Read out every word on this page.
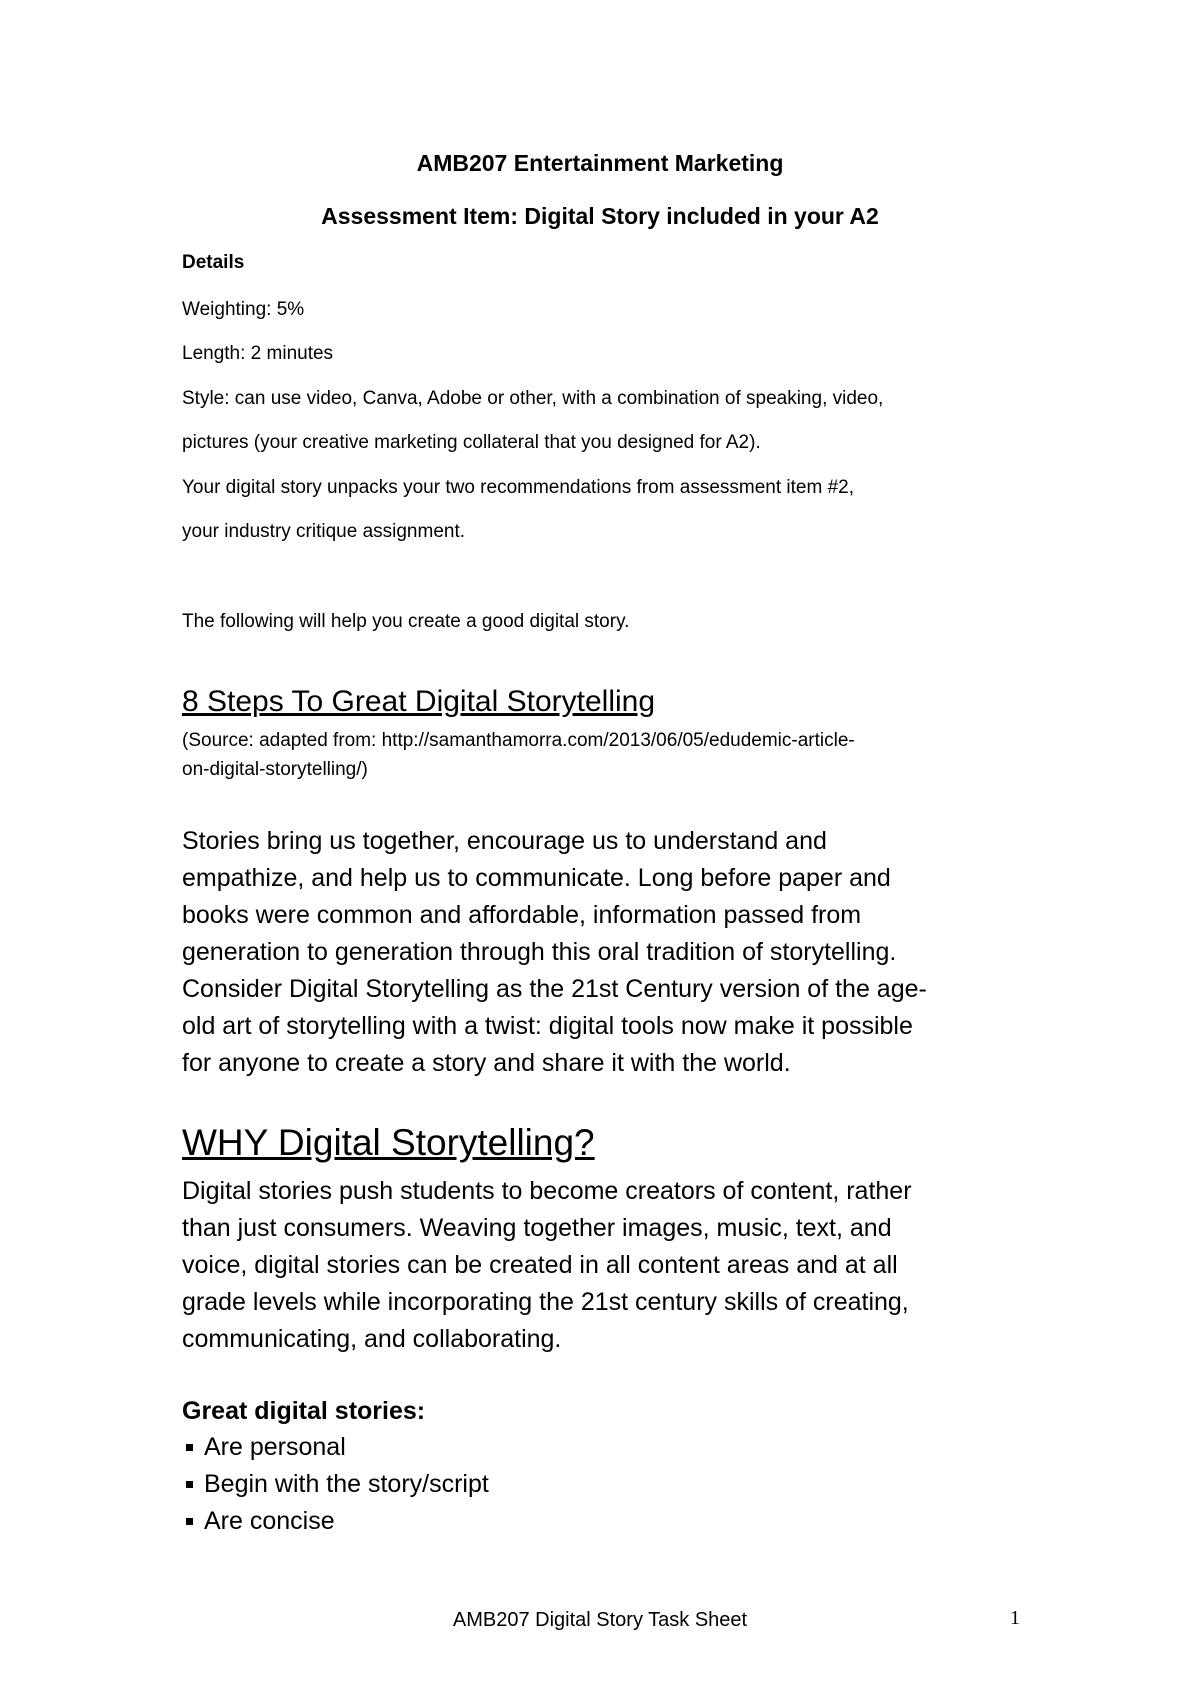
AMB207 Entertainment Marketing

Assessment Item: Digital Story included in your A2

Details

Weighting: 5%

Length: 2 minutes

Style: can use video, Canva, Adobe or other, with a combination of speaking, video,

pictures (your creative marketing collateral that you designed for A2).

Your digital story unpacks your two recommendations from assessment item #2,

your industry critique assignment.

The following will help you create a good digital story.

8 Steps To Great Digital Storytelling

(Source: adapted from: http://samanthamorra.com/2013/06/05/edudemic-article-

on-digital-storytelling/)

Stories bring us together, encourage us to understand and
empathize, and help us to communicate. Long before paper and
books were common and affordable, information passed from
generation to generation through this oral tradition of storytelling.
Consider Digital Storytelling as the 21st Century version of the age-
old art of storytelling with a twist: digital tools now make it possible
for anyone to create a story and share it with the world.

WHY Digital Storytelling?

Digital stories push students to become creators of content, rather
than just consumers. Weaving together images, music, text, and
voice, digital stories can be created in all content areas and at all
grade levels while incorporating the 21st century skills of creating,
communicating, and collaborating.

Great digital stories:

Are personal
Begin with the story/script
Are concise
AMB207 Digital Story Task Sheet	1
